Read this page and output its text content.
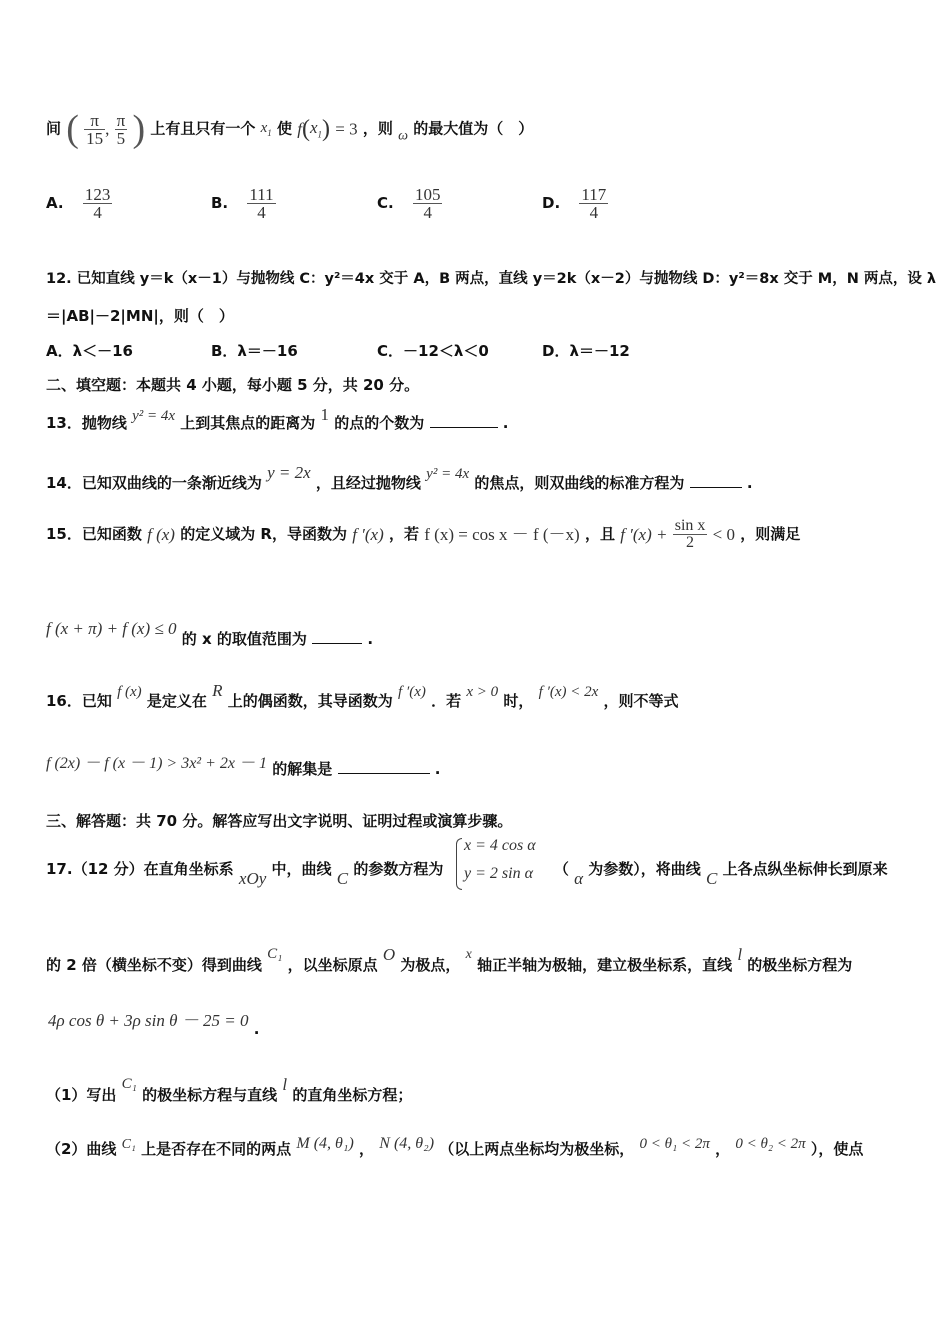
间 ( $\frac{\pi}{15}$ , $\frac{\pi}{5}$ ) 上有且只有一个 $x_1$ 使 $f(x_1) = 3$ ，则 ω 的最大值为（　）
A. $\frac{123}{4}$	B. $\frac{111}{4}$	C. $\frac{105}{4}$	D. $\frac{117}{4}$
12. 已知直线 y＝k（x－1）与抛物线 C：y²＝4x 交于 A，B 两点，直线 y＝2k（x－2）与抛物线 D：y²＝8x 交于 M，N 两点，设 λ
＝|AB|－2|MN|，则（　）
A．λ＜－16	B．λ＝－16	C．－12＜λ＜0	D．λ＝－12
二、填空题：本题共 4 小题，每小题 5 分，共 20 分。
13．抛物线 y² = 4x 上到其焦点的距离为 1 的点的个数为	.
14．已知双曲线的一条渐近线为 y = 2x ，且经过抛物线 y² = 4x 的焦点，则双曲线的标准方程为	.
15．已知函数 f (x) 的定义域为 R，导函数为 f ′(x) ，若 f (x) = cos x － f (－x) ，且 f $'(x) + \frac{\text{sin x}}{2} < 0$ ，则满足
f (x + π) + f (x) ≤ 0 的 x 的取值范围为	.
16．已知 f (x) 是定义在 R 上的偶函数，其导函数为 f ′(x) ．若 x > 0 时， f ′(x) < 2x ，则不等式
f (2x) － f (x － 1) > 3x² + 2x － 1 的解集是	.
三、解答题：共 70 分。解答应写出文字说明、证明过程或演算步骤。
17.（12 分）在直角坐标系 xOy 中，曲线 C 的参数方程为	（ α 为参数），将曲线 C 上各点纵坐标伸长到原来
x = 4 cos α
y = 2 sin α
的 2 倍（横坐标不变）得到曲线 C₁ ，以坐标原点 O 为极点， x 轴正半轴为极轴，建立极坐标系，直线 l 的极坐标方程为
4ρ cos θ + 3ρ sin θ － 25 = 0 .
（1）写出 C₁ 的极坐标方程与直线 l 的直角坐标方程；
（2）曲线 C₁ 上是否存在不同的两点 M (4, θ₁) ， N (4, θ₂) （以上两点坐标均为极坐标， 0 < θ₁ < 2π ， 0 < θ₂ < 2π ），使点
